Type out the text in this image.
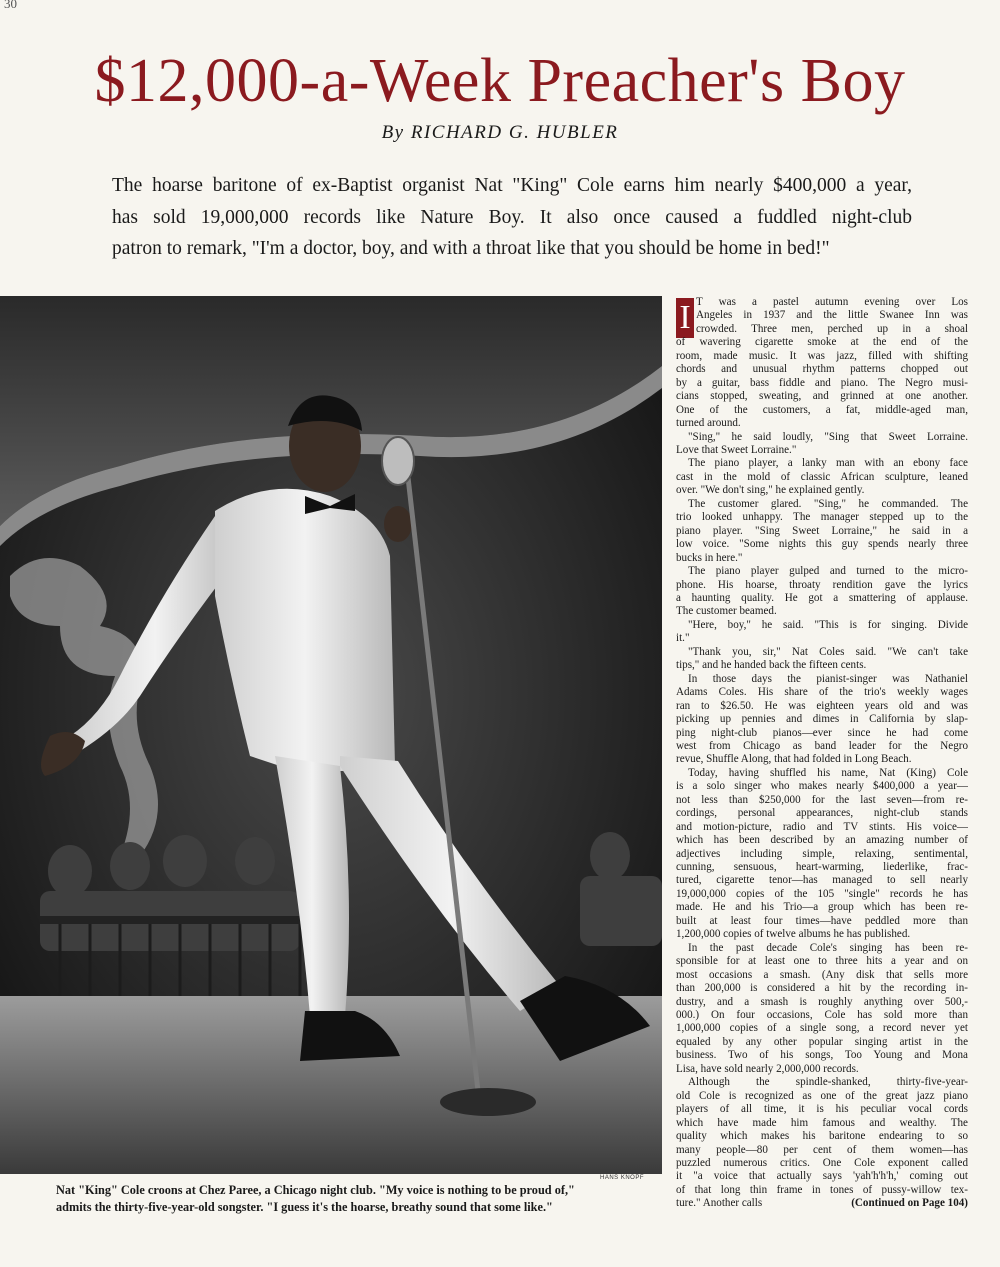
30
$12,000-a-Week Preacher's Boy
By RICHARD G. HUBLER
The hoarse baritone of ex-Baptist organist Nat "King" Cole earns him nearly $400,000 a year,
has sold 19,000,000 records like Nature Boy. It also once caused a fuddled night-club
patron to remark, "I'm a doctor, boy, and with a throat like that you should be home in bed!"
HANS KNOPF
Nat "King" Cole croons at Chez Paree, a Chicago night club. "My voice is nothing to be proud of,"
admits the thirty-five-year-old songster. "I guess it's the hoarse, breathy sound that some like."
I T was a pastel autumn evening over Los
Angeles in 1937 and the little Swanee Inn was
crowded. Three men, perched up in a shoal
of wavering cigarette smoke at the end of the
room, made music. It was jazz, filled with shifting
chords and unusual rhythm patterns chopped out
by a guitar, bass fiddle and piano. The Negro musi-
cians stopped, sweating, and grinned at one another.
One of the customers, a fat, middle-aged man,
turned around.
"Sing," he said loudly, "Sing that Sweet Lorraine.
Love that Sweet Lorraine."
The piano player, a lanky man with an ebony face
cast in the mold of classic African sculpture, leaned
over. "We don't sing," he explained gently.
The customer glared. "Sing," he commanded. The
trio looked unhappy. The manager stepped up to the
piano player. "Sing Sweet Lorraine," he said in a
low voice. "Some nights this guy spends nearly three
bucks in here."
The piano player gulped and turned to the micro-
phone. His hoarse, throaty rendition gave the lyrics
a haunting quality. He got a smattering of applause.
The customer beamed.
"Here, boy," he said. "This is for singing. Divide
it."
"Thank you, sir," Nat Coles said. "We can't take
tips," and he handed back the fifteen cents.
In those days the pianist-singer was Nathaniel
Adams Coles. His share of the trio's weekly wages
ran to $26.50. He was eighteen years old and was
picking up pennies and dimes in California by slap-
ping night-club pianos—ever since he had come
west from Chicago as band leader for the Negro
revue, Shuffle Along, that had folded in Long Beach.
Today, having shuffled his name, Nat (King) Cole
is a solo singer who makes nearly $400,000 a year—
not less than $250,000 for the last seven—from re-
cordings, personal appearances, night-club stands
and motion-picture, radio and TV stints. His voice—
which has been described by an amazing number of
adjectives including simple, relaxing, sentimental,
cunning, sensuous, heart-warming, liederlike, frac-
tured, cigarette tenor—has managed to sell nearly
19,000,000 copies of the 105 "single" records he has
made. He and his Trio—a group which has been re-
built at least four times—have peddled more than
1,200,000 copies of twelve albums he has published.
In the past decade Cole's singing has been re-
sponsible for at least one to three hits a year and on
most occasions a smash. (Any disk that sells more
than 200,000 is considered a hit by the recording in-
dustry, and a smash is roughly anything over 500,-
000.) On four occasions, Cole has sold more than
1,000,000 copies of a single song, a record never yet
equaled by any other popular singing artist in the
business. Two of his songs, Too Young and Mona
Lisa, have sold nearly 2,000,000 records.
Although the spindle-shanked, thirty-five-year-
old Cole is recognized as one of the great jazz piano
players of all time, it is his peculiar vocal cords
which have made him famous and wealthy. The
quality which makes his baritone endearing to so
many people—80 per cent of them women—has
puzzled numerous critics. One Cole exponent called
it "a voice that actually says 'yah'h'h'h,' coming out
of that long thin frame in tones of pussy-willow tex-
ture." Another calls	(Continued on Page 104)
